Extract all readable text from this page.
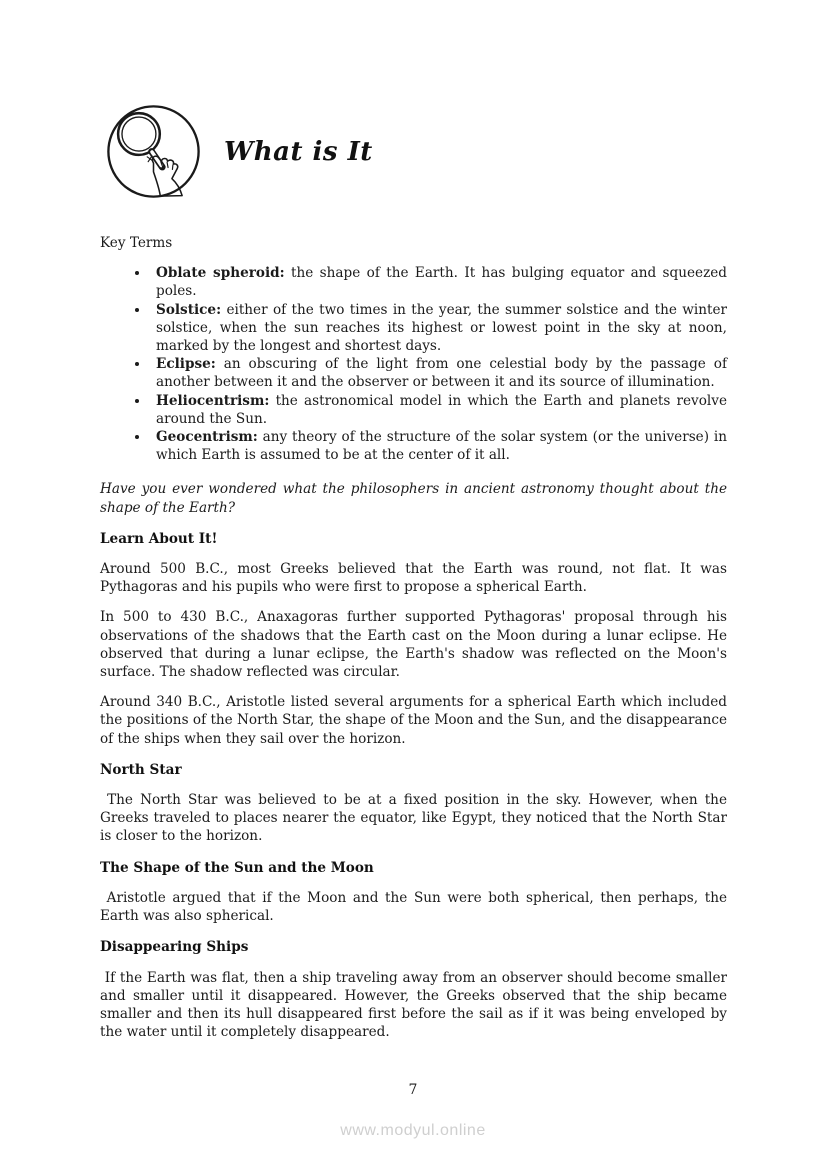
What is It
Key Terms
• Oblate spheroid: the shape of the Earth. It has bulging equator and squeezed poles.
• Solstice: either of the two times in the year, the summer solstice and the winter solstice, when the sun reaches its highest or lowest point in the sky at noon, marked by the longest and shortest days.
• Eclipse: an obscuring of the light from one celestial body by the passage of another between it and the observer or between it and its source of illumination.
• Heliocentrism: the astronomical model in which the Earth and planets revolve around the Sun.
• Geocentrism: any theory of the structure of the solar system (or the universe) in which Earth is assumed to be at the center of it all.

Have you ever wondered what the philosophers in ancient astronomy thought about the shape of the Earth?

Learn About It!

Around 500 B.C., most Greeks believed that the Earth was round, not flat. It was Pythagoras and his pupils who were first to propose a spherical Earth.

In 500 to 430 B.C., Anaxagoras further supported Pythagoras' proposal through his observations of the shadows that the Earth cast on the Moon during a lunar eclipse. He observed that during a lunar eclipse, the Earth's shadow was reflected on the Moon's surface. The shadow reflected was circular.

Around 340 B.C., Aristotle listed several arguments for a spherical Earth which included the positions of the North Star, the shape of the Moon and the Sun, and the disappearance of the ships when they sail over the horizon.

North Star

The North Star was believed to be at a fixed position in the sky. However, when the Greeks traveled to places nearer the equator, like Egypt, they noticed that the North Star is closer to the horizon.

The Shape of the Sun and the Moon

Aristotle argued that if the Moon and the Sun were both spherical, then perhaps, the Earth was also spherical.

Disappearing Ships

If the Earth was flat, then a ship traveling away from an observer should become smaller and smaller until it disappeared. However, the Greeks observed that the ship became smaller and then its hull disappeared first before the sail as if it was being enveloped by the water until it completely disappeared.

7
www.modyul.online
